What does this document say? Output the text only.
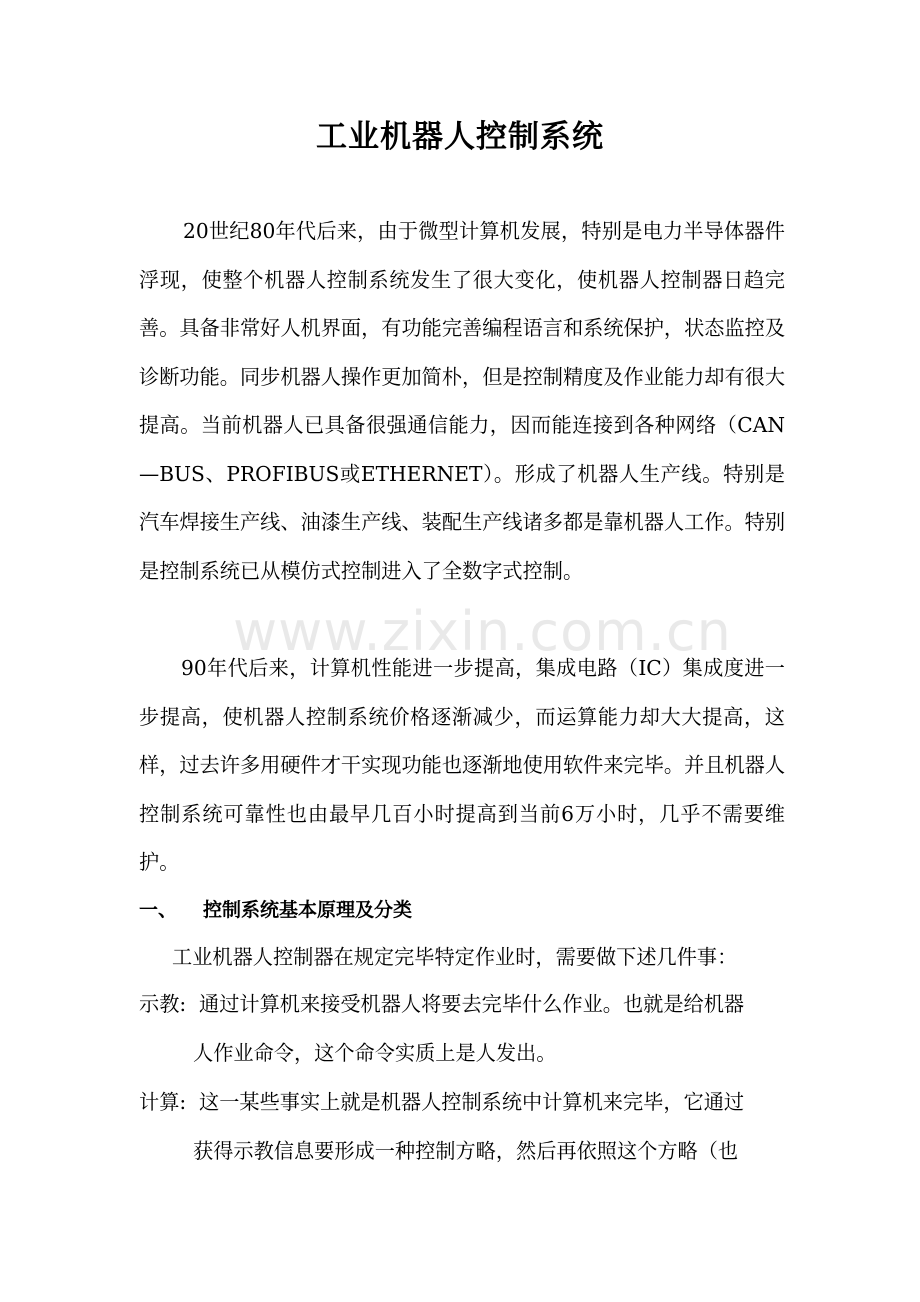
工业机器人控制系统

20世纪80年代后来，由于微型计算机发展，特别是电力半导体器件浮现，使整个机器人控制系统发生了很大变化，使机器人控制器日趋完善。具备非常好人机界面，有功能完善编程语言和系统保护，状态监控及诊断功能。同步机器人操作更加简朴，但是控制精度及作业能力却有很大提高。当前机器人已具备很强通信能力，因而能连接到各种网络（CAN—BUS、PROFIBUS或ETHERNET）。形成了机器人生产线。特别是汽车焊接生产线、油漆生产线、装配生产线诸多都是靠机器人工作。特别是控制系统已从模仿式控制进入了全数字式控制。

90年代后来，计算机性能进一步提高，集成电路（IC）集成度进一步提高，使机器人控制系统价格逐渐减少，而运算能力却大大提高，这样，过去许多用硬件才干实现功能也逐渐地使用软件来完毕。并且机器人控制系统可靠性也由最早几百小时提高到当前6万小时，几乎不需要维护。

一、 控制系统基本原理及分类
工业机器人控制器在规定完毕特定作业时，需要做下述几件事：
示教: 通过计算机来接受机器人将要去完毕什么作业。也就是给机器
人作业命令，这个命令实质上是人发出。
计算: 这一某些事实上就是机器人控制系统中计算机来完毕，它通过
获得示教信息要形成一种控制方略，然后再依照这个方略（也
www.zixin.com.cn
